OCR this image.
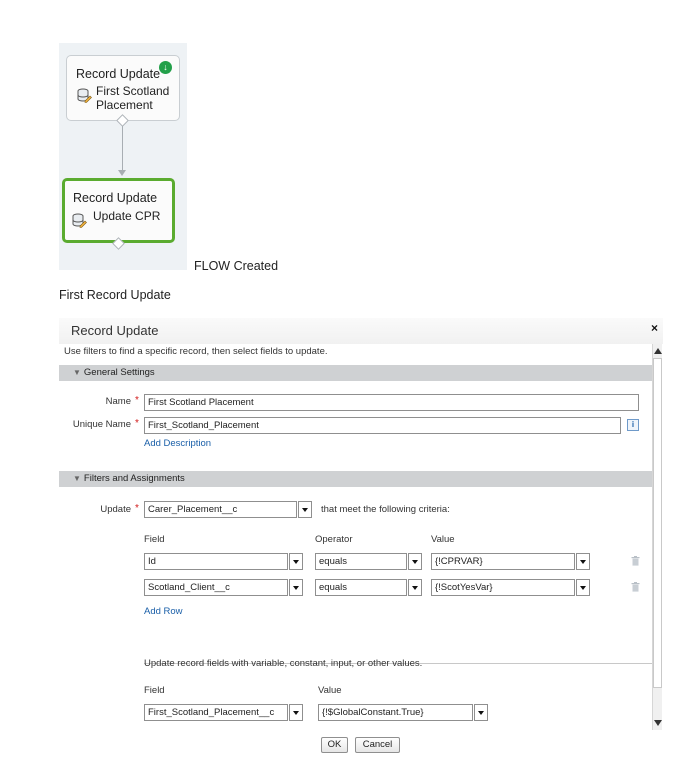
↓
Record Update
First Scotland
Placement
Record Update
Update CPR
FLOW Created
First Record Update
Record Update	×
Use filters to find a specific record, then select fields to update.
▼ General Settings
Name * First Scotland Placement
Unique Name * First_Scotland_Placement	i
Add Description
▼ Filters and Assignments
Update * Carer_Placement__c	that meet the following criteria:
Field	Operator	Value
Id	equals	{!CPRVAR}
Scotland_Client__c	equals	{!ScotYesVar}
Add Row
Update record fields with variable, constant, input, or other values.
Field	Value
First_Scotland_Placement__c	{!$GlobalConstant.True}
OK	Cancel
